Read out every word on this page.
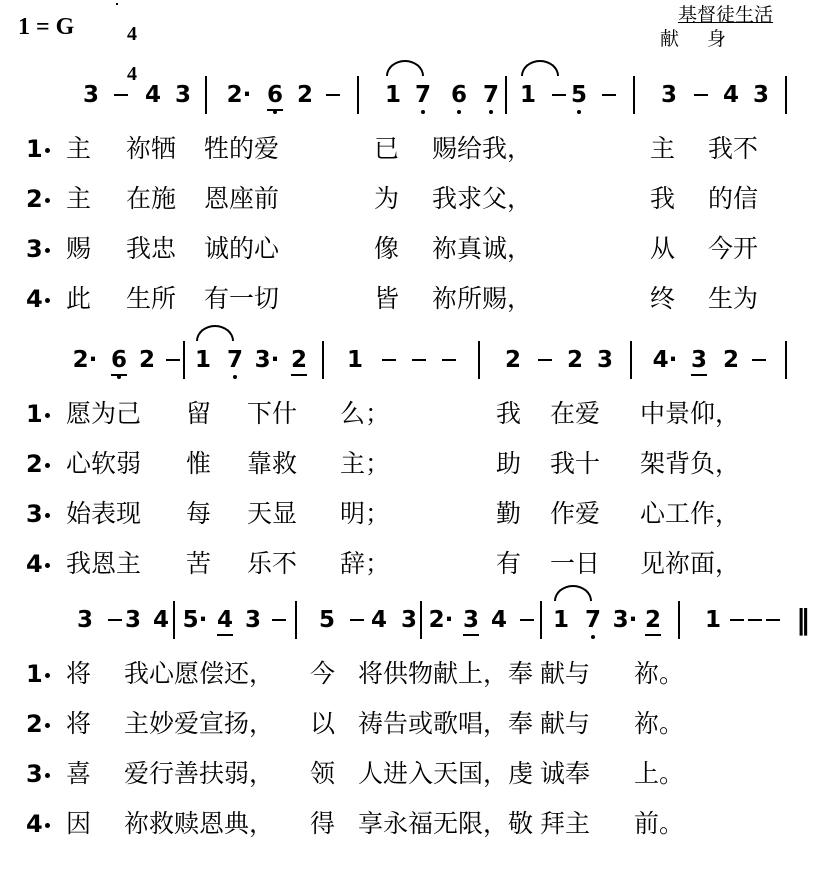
1 = G	4

4

基督徒生活
献身
3 4 3 2· 6 2	1 7 6 7 1 5	3 4 3
1 主 祢牺 牲的爱	已 赐给我，	主 我不
2 主 在施 恩座前	为 我求父，	我 的信
3 赐 我忠 诚的心	像 祢真诚，	从 今开
4 此 生所 有一切	皆 祢所赐，	终 生为
2· 6 2 1 7 3· 2 1	2 2 3 4· 3 2
1 愿为己 留 下什 么；	我 在爱 中景仰，
2 心软弱 惟 靠救 主；	助 我十 架背负，
3 始表现 每 天显 明；	勤 作爱 心工作，
4 我恩主 苦 乐不 辞；	有 一日 见祢面，
3 3 4 5· 4 3	5 4 3 2· 3 4 1 7 3· 2 1	‖
1 将 我心愿偿还， 今 将供物献上，奉 献与 祢。
2 将 主妙爱宣扬， 以 祷告或歌唱，奉 献与 祢。
3 喜 爱行善扶弱， 领 人进入天国，虔 诚奉 上。
4 因 祢救赎恩典， 得 享永福无限，敬 拜主 前。
